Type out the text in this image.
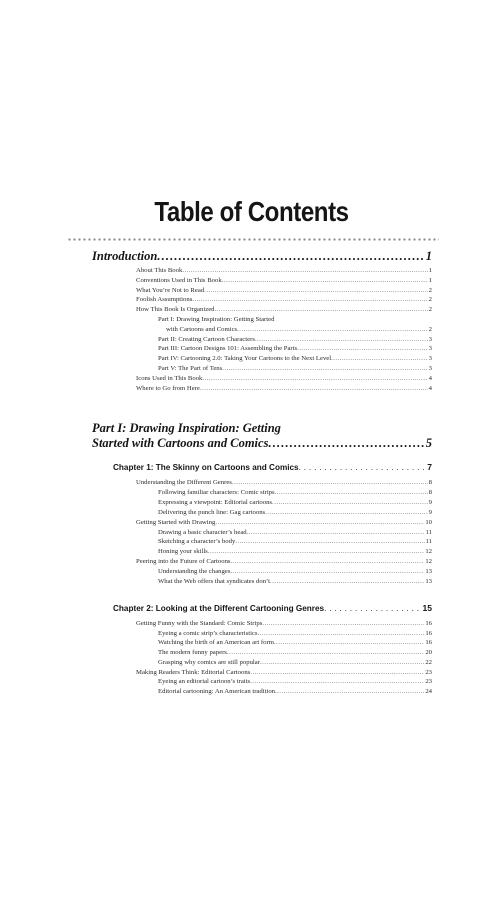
Table of Contents
Introduction . . .	1
About This Book . . .	1
Conventions Used in This Book . . .	1
What You’re Not to Read . . .	2
Foolish Assumptions . . .	2
How This Book Is Organized . . .	2
Part I: Drawing Inspiration: Getting Started
with Cartoons and Comics . . .	2
Part II: Creating Cartoon Characters . . .	3
Part III: Cartoon Designs 101: Assembling the Parts . . .	3
Part IV: Cartooning 2.0: Taking Your Cartoons to the Next Level . . .	3
Part V: The Part of Tens . . .	3
Icons Used in This Book . . .	4
Where to Go from Here . . .	4
Part I: Drawing Inspiration: Getting
Started with Cartoons and Comics . . .	5
Chapter 1: The Skinny on Cartoons and Comics . . .	7
Understanding the Different Genres . . .	8
Following familiar characters: Comic strips . . .	8
Expressing a viewpoint: Editorial cartoons . . .	9
Delivering the punch line: Gag cartoons . . .	9
Getting Started with Drawing . . .	10
Drawing a basic character’s head . . .	11
Sketching a character’s body . . .	11
Honing your skills . . .	12
Peering into the Future of Cartoons . . .	12
Understanding the changes . . .	13
What the Web offers that syndicates don’t . . .	13
Chapter 2: Looking at the Different Cartooning Genres . . .	15
Getting Funny with the Standard: Comic Strips . . .	16
Eyeing a comic strip’s characteristics . . .	16
Watching the birth of an American art form . . .	16
The modern funny papers . . .	20
Grasping why comics are still popular . . .	22
Making Readers Think: Editorial Cartoons . . .	23
Eyeing an editorial cartoon’s traits . . .	23
Editorial cartooning: An American tradition . . .	24
